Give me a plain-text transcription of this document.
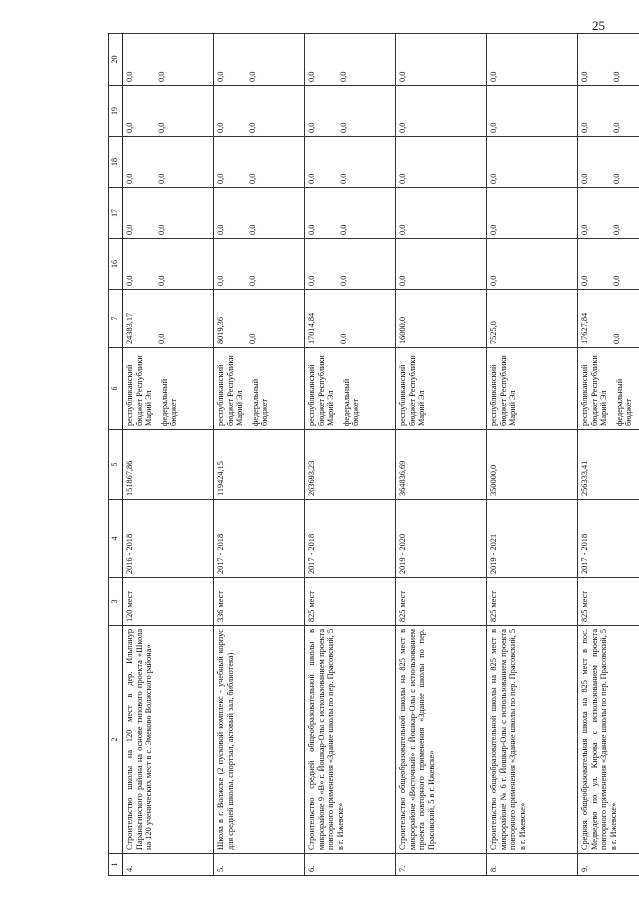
25
1	2	3	4	5	6	7	16	17	18	19	20
4.	Строительство школы на 120 мест в дер. Ильпанур Параньгинского района на основе типового проекта «Школа на 120 ученических мест в с. Эмеково Волжского района»	120 мест	2016 - 2018	151867,86	республиканский бюджет Республики Марий Эл федеральный бюджет	24383,17 0,0	0,0 0,0	0,0 0,0	0,0 0,0	0,0 0,0	0,0 0,0

5.	Школа в г. Волжске (2 пусковой комплекс - учебный корпус для средней школы, спортзал, актовый зал, библиотека)	336 мест	2017 - 2018	119424,15	республиканский бюджет Республики Марий Эл федеральный бюджет	8019,36 0,0	0,0 0,0	0,0 0,0	0,0 0,0	0,0 0,0	0,0 0,0

6.	Строительство средней общеобразовательной школы в микрорайоне 9 «В» г. Йошкар-Олы с использованием проекта повторного применения «Здание школы по пер. Прасовский, 5 в г. Ижевске»	825 мест	2017 - 2018	263693,23	республиканский бюджет Республики Марий Эл федеральный бюджет	17014,84 0,0	0,0 0,0	0,0 0,0	0,0 0,0	0,0 0,0	0,0 0,0

7.	Строительство общеобразовательной школы на 825 мест в микрорайоне «Восточный» г. Йошкар-Олы с использованием проекта повторного применения «Здание школы по пер. Прасовский, 5 в г. Ижевске»	825 мест	2019 - 2020	364836,69	республиканский бюджет Республики Марий Эл	16000,0	0,0	0,0	0,0	0,0	0,0

8.	Строительство общеобразовательной школы на 825 мест в микрорайоне № 6 г. Йошкар-Олы с использованием проекта повторного применения «Здание школы по пер. Прасовский, 5 в г. Ижевске»	825 мест	2019 - 2021	350000,0	республиканский бюджет Республики Марий Эл	7525,0	0,0	0,0	0,0	0,0	0,0

9.	Средняя общеобразовательная школа на 825 мест в пос. Медведево по ул. Кирова с использованием проекта повторного применения «Здание школы по пер. Прасовский, 5 в г. Ижевске»	825 мест	2017 - 2018	256333,41	республиканский бюджет Республики Марий Эл федеральный бюджет	17627,84 0,0	0,0 0,0	0,0 0,0	0,0 0,0	0,0 0,0	0,0 0,0
